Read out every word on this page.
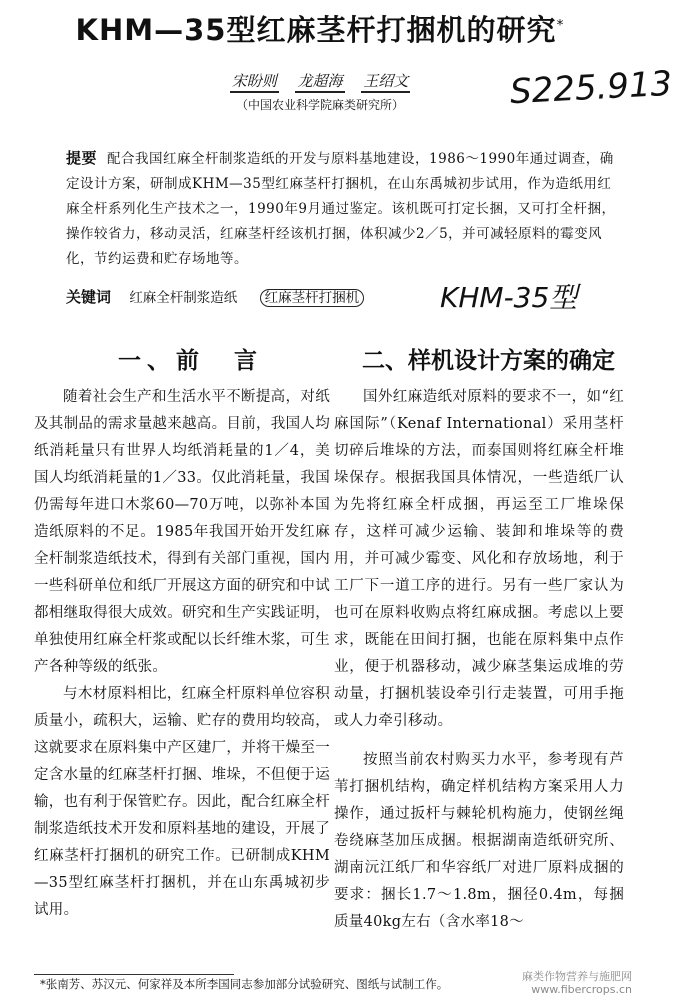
KHM—35型红麻茎杆打捆机的研究*
宋盼则 龙超海 王绍文
（中国农业科学院麻类研究所）	S225.913
提要 配合我国红麻全杆制浆造纸的开发与原料基地建设，1986～1990年通过调查，确定设计方案，研制成KHM—35型红麻茎杆打捆机，在山东禹城初步试用，作为造纸用红麻全杆系列化生产技术之一，1990年9月通过鉴定。该机既可打定长捆，又可打全杆捆，操作较省力，移动灵活，红麻茎杆经该机打捆，体积减少2／5，并可减轻原料的霉变风化，节约运费和贮存场地等。
关键词 红麻全杆制浆造纸 红麻茎杆打捆机	KHM-35型
一、前　言	二、样机设计方案的确定

随着社会生产和生活水平不断提高，对纸及其制品的需求量越来越高。目前，我国人均纸消耗量只有世界人均纸消耗量的1／4，美国人均纸消耗量的1／33。仅此消耗量，我国仍需每年进口木浆60—70万吨，以弥补本国造纸原料的不足。1985年我国开始开发红麻全杆制浆造纸技术，得到有关部门重视，国内一些科研单位和纸厂开展这方面的研究和中试都相继取得很大成效。研究和生产实践证明，单独使用红麻全杆浆或配以长纤维木浆，可生产各种等级的纸张。

与木材原料相比，红麻全杆原料单位容积质量小，疏积大，运输、贮存的费用均较高，这就要求在原料集中产区建厂，并将干燥至一定含水量的红麻茎杆打捆、堆垛，不但便于运输，也有利于保管贮存。因此，配合红麻全杆制浆造纸技术开发和原料基地的建设，开展了红麻茎杆打捆机的研究工作。已研制成KHM—35型红麻茎杆打捆机，并在山东禹城初步试用。

国外红麻造纸对原料的要求不一，如“红麻国际”（Kenaf International）采用茎杆切碎后堆垛的方法，而泰国则将红麻全杆堆垛保存。根据我国具体情况，一些造纸厂认为先将红麻全杆成捆，再运至工厂堆垛保存，这样可减少运输、装卸和堆垛等的费用，并可减少霉变、风化和存放场地，利于工厂下一道工序的进行。另有一些厂家认为也可在原料收购点将红麻成捆。考虑以上要求，既能在田间打捆，也能在原料集中点作业，便于机器移动，减少麻茎集运成堆的劳动量，打捆机装设牵引行走装置，可用手拖或人力牵引移动。

按照当前农村购买力水平，参考现有芦苇打捆机结构，确定样机结构方案采用人力操作，通过扳杆与棘轮机构施力，使钢丝绳卷绕麻茎加压成捆。根据湖南造纸研究所、湖南沅江纸厂和华容纸厂对进厂原料成捆的要求：捆长1.7～1.8m，捆径0.4m，每捆质量40kg左右（含水率18～

*张南芳、苏汉元、何家祥及本所李国同志参加部分试验研究、图纸与试制工作。
麻类作物营养与施肥网
www.fibercrops.cn
